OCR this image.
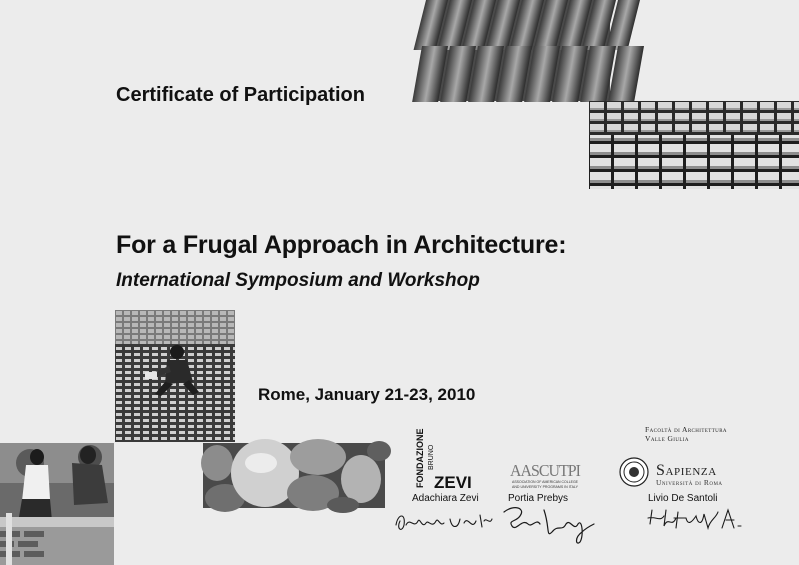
Certificate of Participation
For a Frugal Approach in Architecture:
International Symposium and Workshop
Rome, January 21-23, 2010
FONDAZIONE BRUNO
ZEVI
AASCUTPI
ASSOCIATION OF AMERICAN COLLEGE
AND UNIVERSITY PROGRAMS IN ITALY
Facoltà di Architettura
Valle Giulia
Sapienza
Università di Roma
Adachiara Zevi	Portia Prebys	Livio De Santoli
